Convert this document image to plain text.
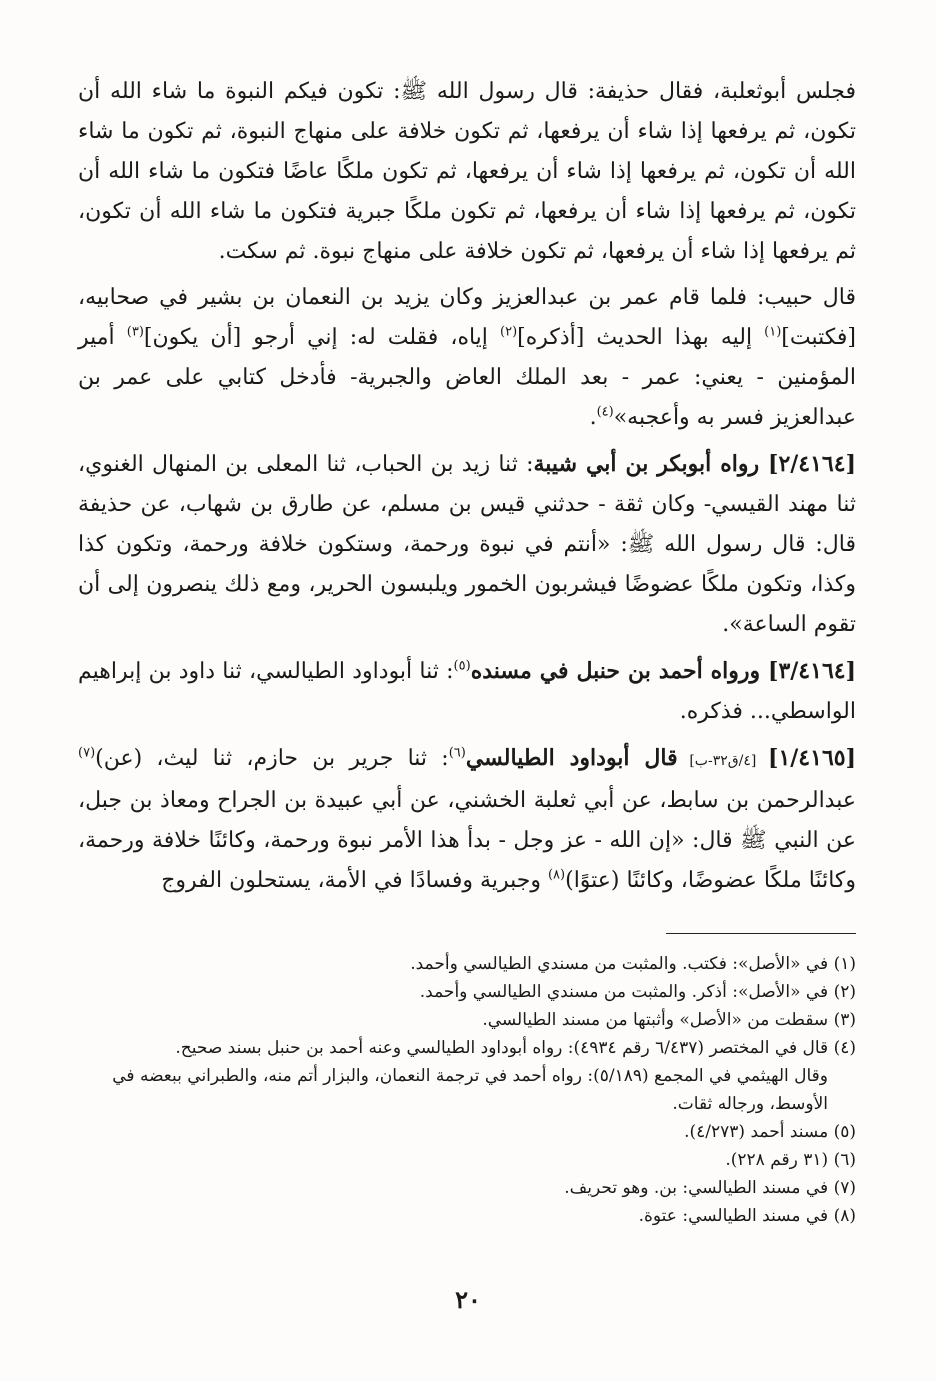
فجلس أبوثعلبة، فقال حذيفة: قال رسول الله ﷺ: تكون فيكم النبوة ما شاء الله أن تكون، ثم يرفعها إذا شاء أن يرفعها، ثم تكون خلافة على منهاج النبوة، ثم تكون ما شاء الله أن تكون، ثم يرفعها إذا شاء أن يرفعها، ثم تكون ملكًا عاضًا فتكون ما شاء الله أن تكون، ثم يرفعها إذا شاء أن يرفعها، ثم تكون ملكًا جبرية فتكون ما شاء الله أن تكون، ثم يرفعها إذا شاء أن يرفعها، ثم تكون خلافة على منهاج نبوة. ثم سكت.

قال حبيب: فلما قام عمر بن عبدالعزيز وكان يزيد بن النعمان بن بشير في صحابيه، [فكتبت]$^{(١)}$ إليه بهذا الحديث [أذكره]$^{(٢)}$ إياه، فقلت له: إني أرجو [أن يكون]$^{(٣)}$ أمير المؤمنين - يعني: عمر - بعد الملك العاض والجبرية- فأدخل كتابي على عمر بن عبدالعزيز فسر به وأعجبه»$^{(٤)}$.

[٢/٤١٦٤] رواه أبوبكر بن أبي شيبة: ثنا زيد بن الحباب، ثنا المعلى بن المنهال الغنوي، ثنا مهند القيسي- وكان ثقة - حدثني قيس بن مسلم، عن طارق بن شهاب، عن حذيفة قال: قال رسول الله ﷺ: «أنتم في نبوة ورحمة، وستكون خلافة ورحمة، وتكون كذا وكذا، وتكون ملكًا عضوضًا فيشربون الخمور ويلبسون الحرير، ومع ذلك ينصرون إلى أن تقوم الساعة».

[٣/٤١٦٤] ورواه أحمد بن حنبل في مسنده$^{(٥)}$: ثنا أبوداود الطيالسي، ثنا داود بن إبراهيم الواسطي... فذكره.

[١/٤١٦٥] [٤/ق٣٢-ب] قال أبوداود الطيالسي$^{(٦)}$: ثنا جرير بن حازم، ثنا ليث، (عن)$^{(٧)}$ عبدالرحمن بن سابط، عن أبي ثعلبة الخشني، عن أبي عبيدة بن الجراح ومعاذ بن جبل، عن النبي ﷺ قال: «إن الله - عز وجل - بدأ هذا الأمر نبوة ورحمة، وكائنًا خلافة ورحمة، وكائنًا ملكًا عضوضًا، وكائنًا (عتوًا)$^{(٨)}$ وجبرية وفسادًا في الأمة، يستحلون الفروج

(١) في «الأصل»: فكتب. والمثبت من مسندي الطيالسي وأحمد.

(٢) في «الأصل»: أذكر. والمثبت من مسندي الطيالسي وأحمد.

(٣) سقطت من «الأصل» وأثبتها من مسند الطيالسي.

(٤) قال في المختصر (٦/٤٣٧ رقم ٤٩٣٤): رواه أبوداود الطيالسي وعنه أحمد بن حنبل بسند صحيح.

وقال الهيثمي في المجمع (٥/١٨٩): رواه أحمد في ترجمة النعمان، والبزار أتم منه، والطبراني ببعضه في الأوسط، ورجاله ثقات.

(٥) مسند أحمد (٤/٢٧٣).

(٦) (٣١ رقم ٢٢٨).

(٧) في مسند الطيالسي: بن. وهو تحريف.

(٨) في مسند الطيالسي: عتوة.

٢٠
